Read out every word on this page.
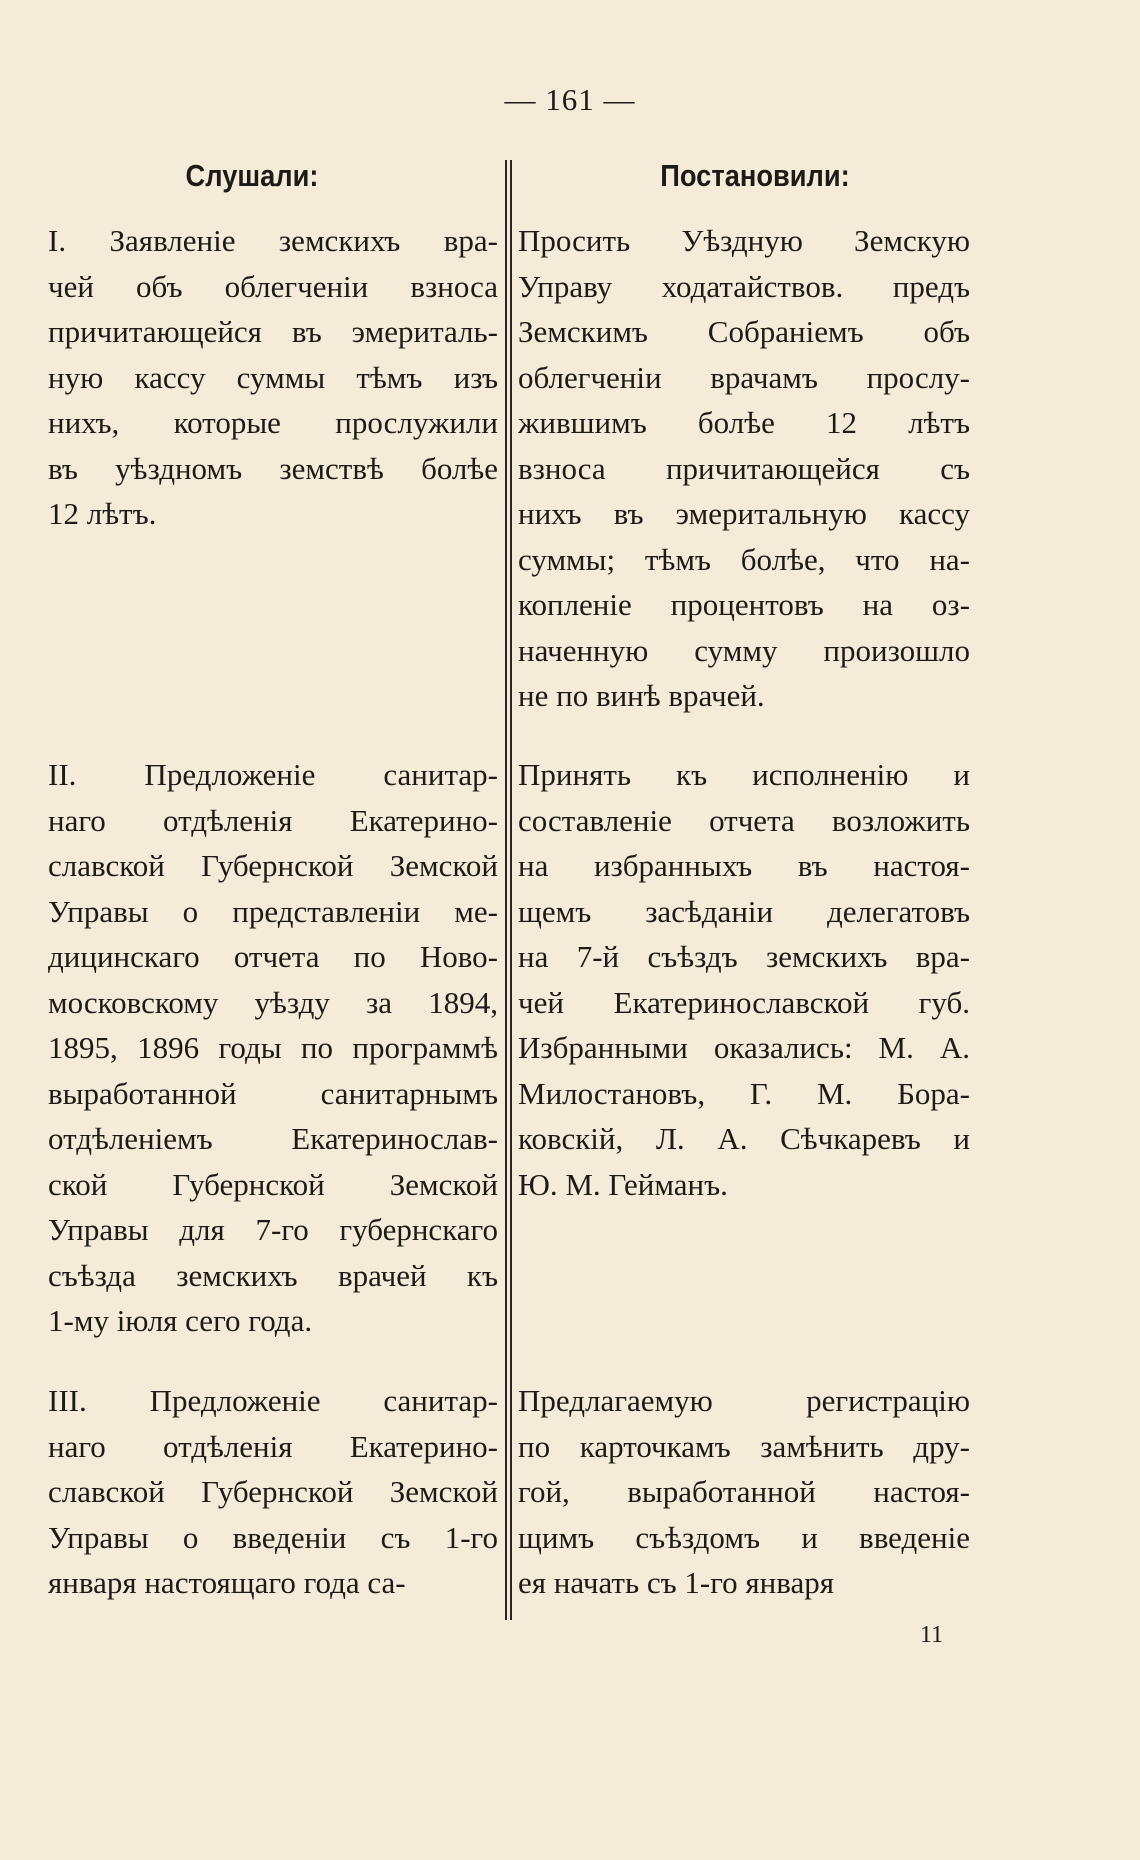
— 161 —
Слушали:	Постановили:
I. Заявленіе земскихъ вра-
чей объ облегченіи взноса
причитающейся въ эмериталь-
ную кассу суммы тѣмъ изъ
нихъ, которые прослужили
въ уѣздномъ земствѣ болѣе
12 лѣтъ.
Просить Уѣздную Земскую
Управу ходатайствов. предъ
Земскимъ Собраніемъ объ
облегченіи врачамъ прослу-
жившимъ болѣе 12 лѣтъ
взноса причитающейся съ
нихъ въ эмеритальную кассу
суммы; тѣмъ болѣе, что на-
копленіе процентовъ на оз-
наченную сумму произошло
не по винѣ врачей.
II. Предложеніе санитар-
наго отдѣленія Екатерино-
славской Губернской Земской
Управы о представленіи ме-
дицинскаго отчета по Ново-
московскому уѣзду за 1894,
1895, 1896 годы по программѣ
выработанной санитарнымъ
отдѣленіемъ Екатеринослав-
ской Губернской Земской
Управы для 7-го губернскаго
съѣзда земскихъ врачей къ
1-му іюля сего года.
Принять къ исполненію и
составленіе отчета возложить
на избранныхъ въ настоя-
щемъ засѣданіи делегатовъ
на 7-й съѣздъ земскихъ вра-
чей Екатеринославской губ.
Избранными оказались: М. А.
Милостановъ, Г. М. Бора-
ковскій, Л. А. Сѣчкаревъ и
Ю. М. Гейманъ.
III. Предложеніе санитар-
наго отдѣленія Екатерино-
славской Губернской Земской
Управы о введеніи съ 1-го
января настоящаго года са-
Предлагаемую регистрацію
по карточкамъ замѣнить дру-
гой, выработанной настоя-
щимъ съѣздомъ и введеніе
ея начать съ 1-го января
11
